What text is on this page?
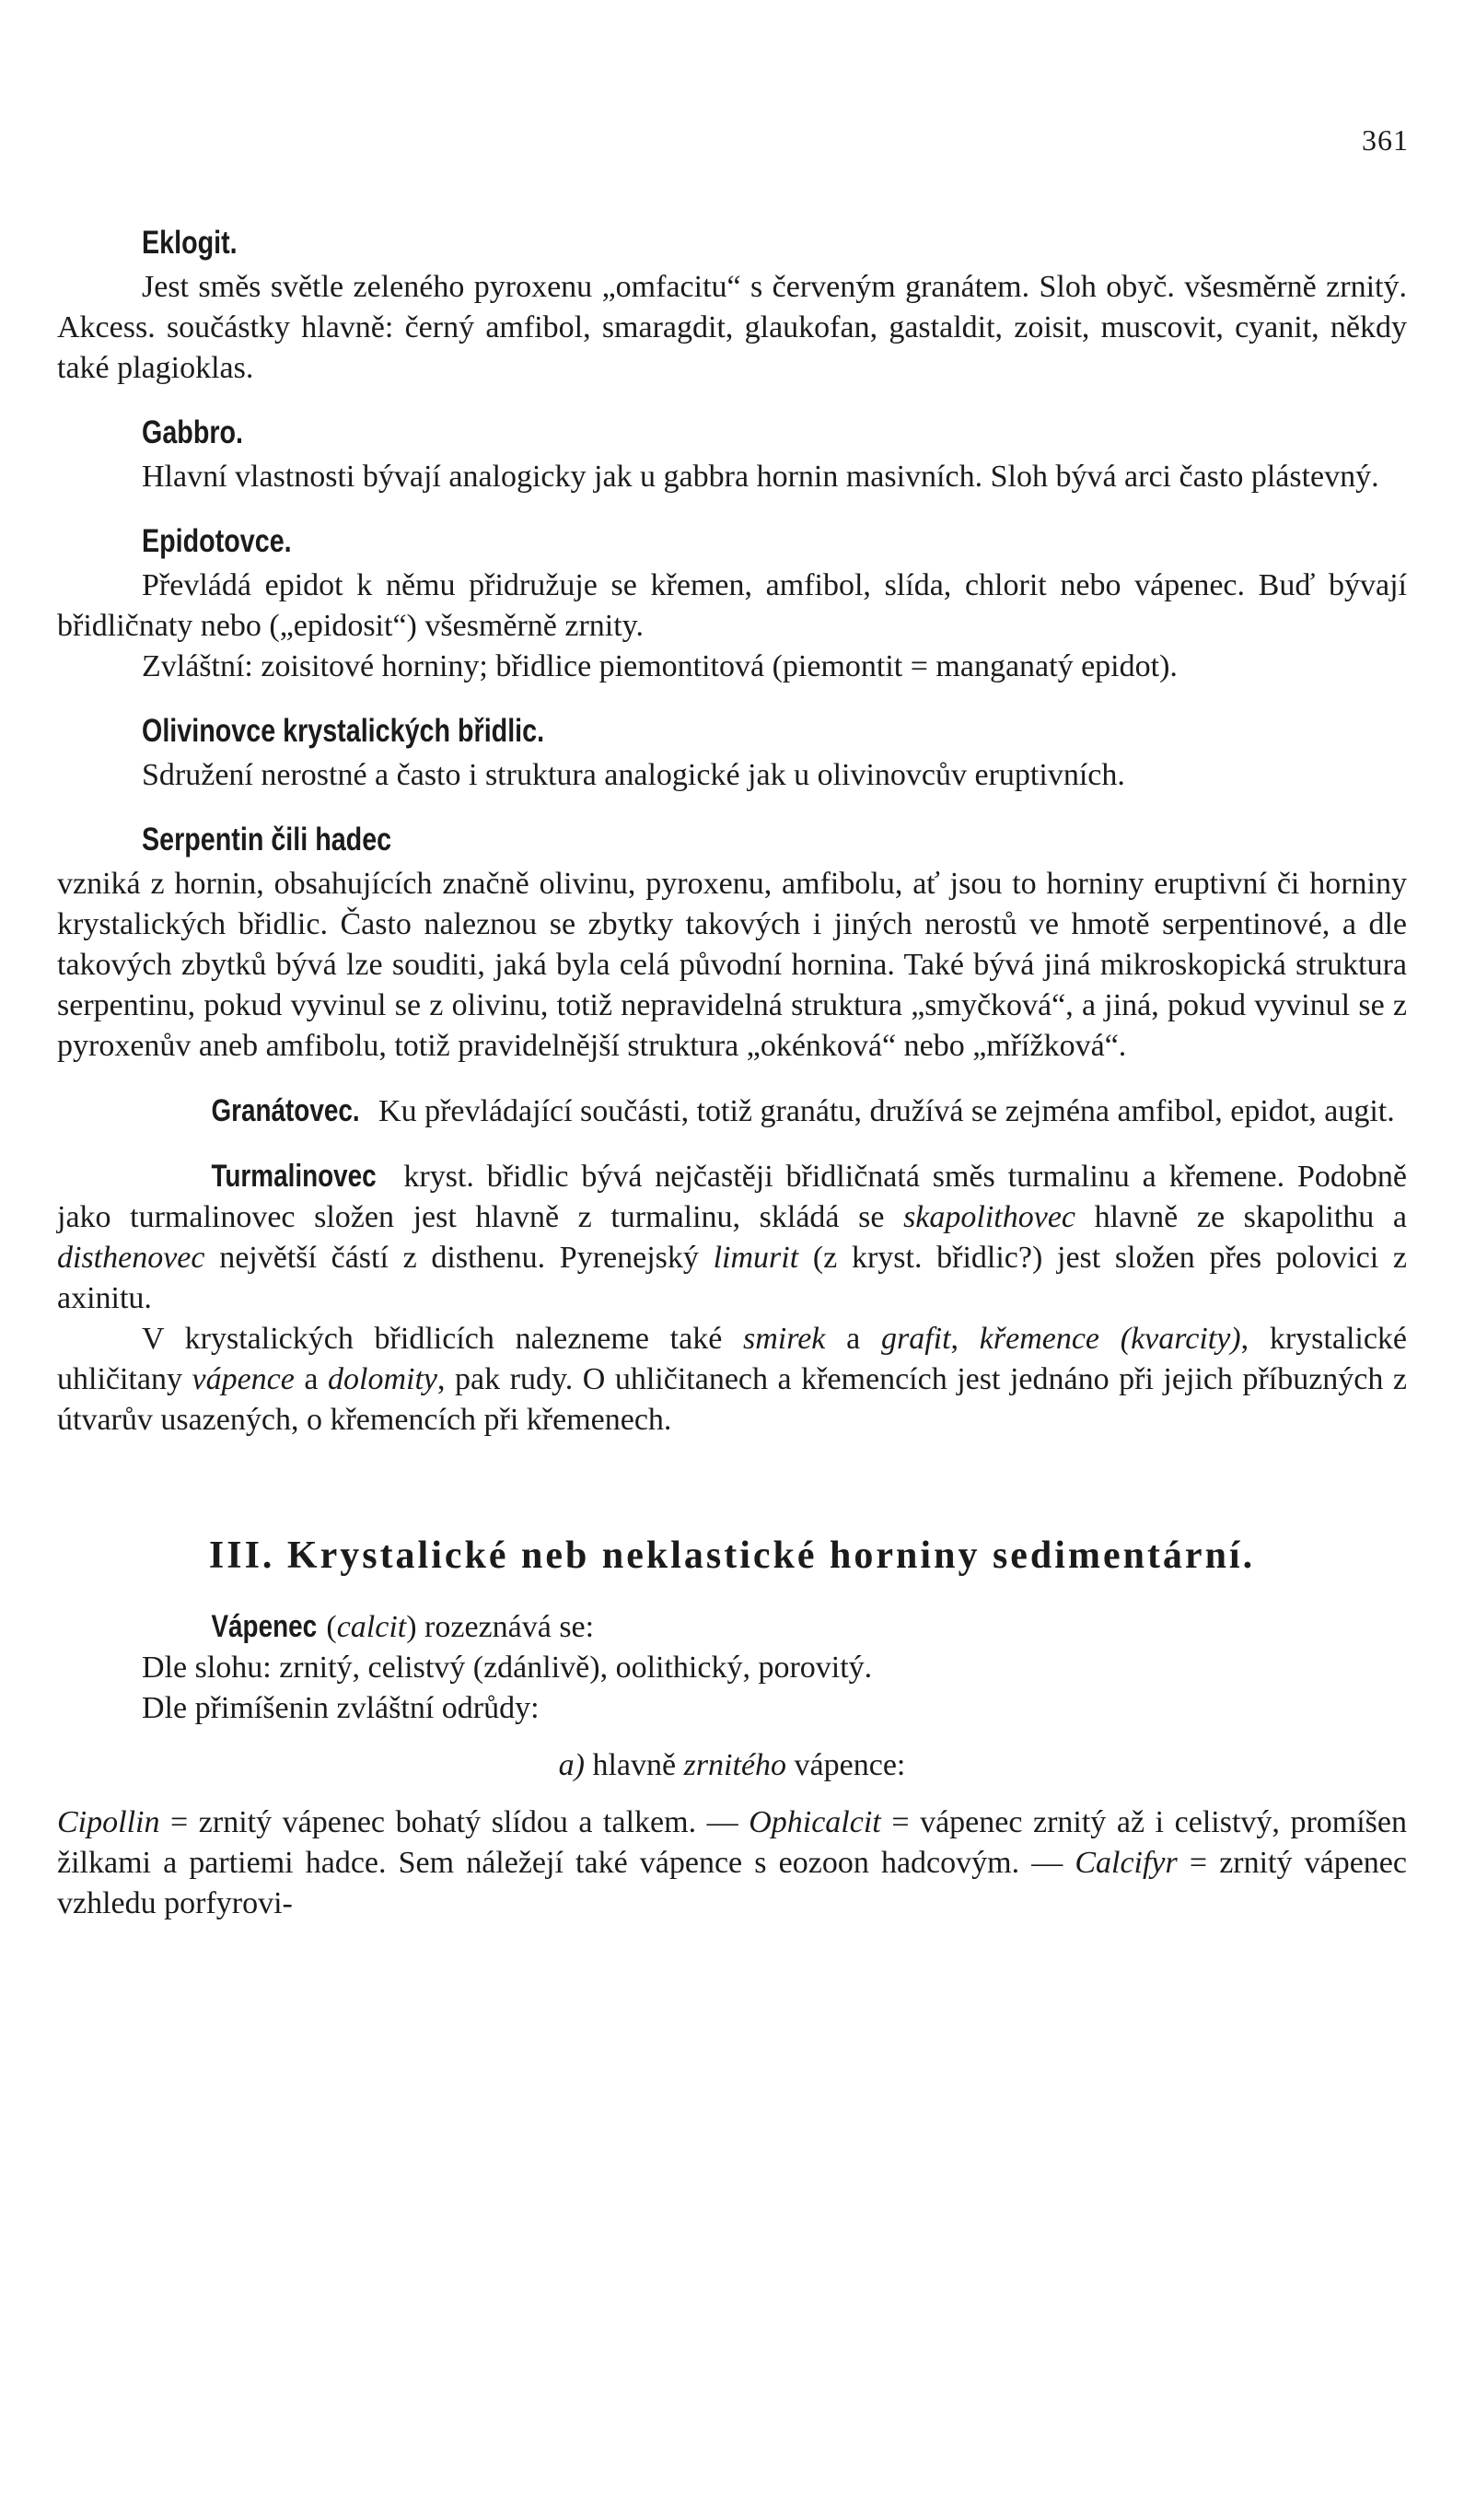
361
Eklogit.

Jest směs světle zeleného pyroxenu „omfacitu“ s červeným granátem. Sloh obyč. všesměrně zrnitý. Akcess. součástky hlavně: černý amfibol, smaragdit, glaukofan, gastaldit, zoisit, muscovit, cyanit, někdy také plagioklas.

Gabbro.

Hlavní vlastnosti bývají analogicky jak u gabbra hornin masivních. Sloh bývá arci často plástevný.

Epidotovce.

Převládá epidot k němu přidružuje se křemen, amfibol, slída, chlorit nebo vápenec. Buď bývají břidličnaty nebo („epidosit“) všesměrně zrnity.

Zvláštní: zoisitové horniny; břidlice piemontitová (piemontit = manganatý epidot).

Olivinovce krystalických břidlic.

Sdružení nerostné a často i struktura analogické jak u olivinovcův eruptivních.

Serpentin čili hadec

vzniká z hornin, obsahujících značně olivinu, pyroxenu, amfibolu, ať jsou to horniny eruptivní či horniny krystalických břidlic. Často naleznou se zbytky takových i jiných nerostů ve hmotě serpentinové, a dle takových zbytků bývá lze souditi, jaká byla celá původní hornina. Také bývá jiná mikroskopická struktura serpentinu, pokud vyvinul se z olivinu, totiž nepravidelná struktura „smyčková“, a jiná, pokud vyvinul se z pyroxenův aneb amfibolu, totiž pravidelnější struktura „okénková“ nebo „mřížková“.

Granátovec. Ku převládající součásti, totiž granátu, družívá se zejména amfibol, epidot, augit.

Turmalinovec kryst. břidlic bývá nejčastěji břidličnatá směs turmalinu a křemene. Podobně jako turmalinovec složen jest hlavně z turmalinu, skládá se skapolithovec hlavně ze skapolithu a disthenovec největší částí z disthenu. Pyrenejský limurit (z kryst. břidlic?) jest složen přes polovici z axinitu.

V krystalických břidlicích nalezneme také smirek a grafit, křemence (kvarcity), krystalické uhličitany vápence a dolomity, pak rudy. O uhličitanech a křemencích jest jednáno při jejich příbuzných z útvarův usazených, o křemencích při křemenech.

III. Krystalické neb neklastické horniny sedimentární.

Vápenec (calcit) rozeznává se:

Dle slohu: zrnitý, celistvý (zdánlivě), oolithický, porovitý.

Dle přimíšenin zvláštní odrůdy:

a) hlavně zrnitého vápence:

Cipollin = zrnitý vápenec bohatý slídou a talkem. — Ophicalcit = vápenec zrnitý až i celistvý, promíšen žilkami a partiemi hadce. Sem náležejí také vápence s eozoon hadcovým. — Calcifyr = zrnitý vápenec vzhledu porfyrovi-
